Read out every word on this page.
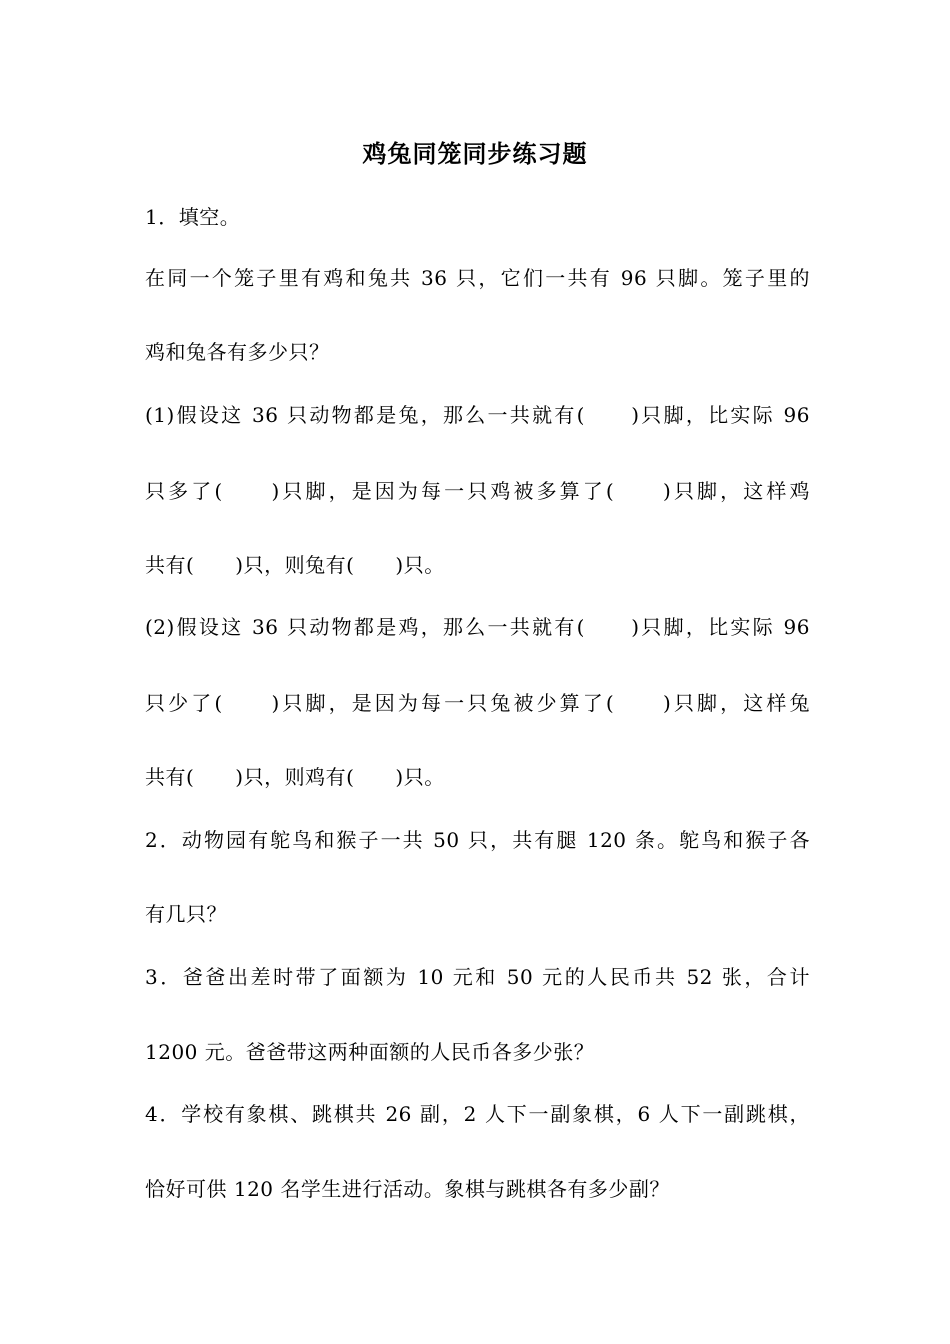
鸡兔同笼同步练习题
1．填空。
在同一个笼子里有鸡和兔共 36 只，它们一共有 96 只脚。笼子里的
鸡和兔各有多少只？
(1)假设这 36 只动物都是兔，那么一共就有(　　)只脚，比实际 96
只多了(　　)只脚，是因为每一只鸡被多算了(　　)只脚，这样鸡
共有(　　)只，则兔有(　　)只。
(2)假设这 36 只动物都是鸡，那么一共就有(　　)只脚，比实际 96
只少了(　　)只脚，是因为每一只兔被少算了(　　)只脚，这样兔
共有(　　)只，则鸡有(　　)只。
2．动物园有鸵鸟和猴子一共 50 只，共有腿 120 条。鸵鸟和猴子各
有几只？
3．爸爸出差时带了面额为 10 元和 50 元的人民币共 52 张，合计
1200 元。爸爸带这两种面额的人民币各多少张？
4．学校有象棋、跳棋共 26 副，2 人下一副象棋，6 人下一副跳棋，
恰好可供 120 名学生进行活动。象棋与跳棋各有多少副？
